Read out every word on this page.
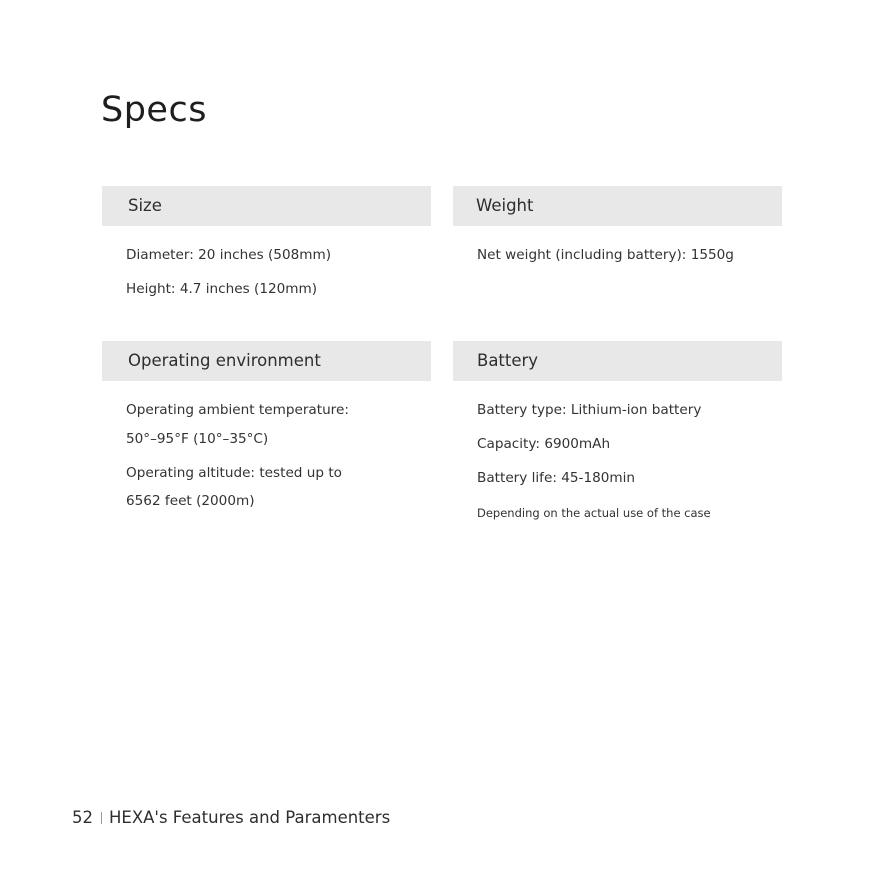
Specs
Size
Diameter: 20 inches (508mm)
Height: 4.7 inches (120mm)
Weight
Net weight (including battery): 1550g
Operating environment
Operating ambient temperature:
50°–95°F (10°–35°C)
Operating altitude: tested up to
6562 feet (2000m)
Battery
Battery type: Lithium-ion battery
Capacity: 6900mAh
Battery life: 45-180min
Depending on the actual use of the case
52 HEXA's Features and Paramenters
